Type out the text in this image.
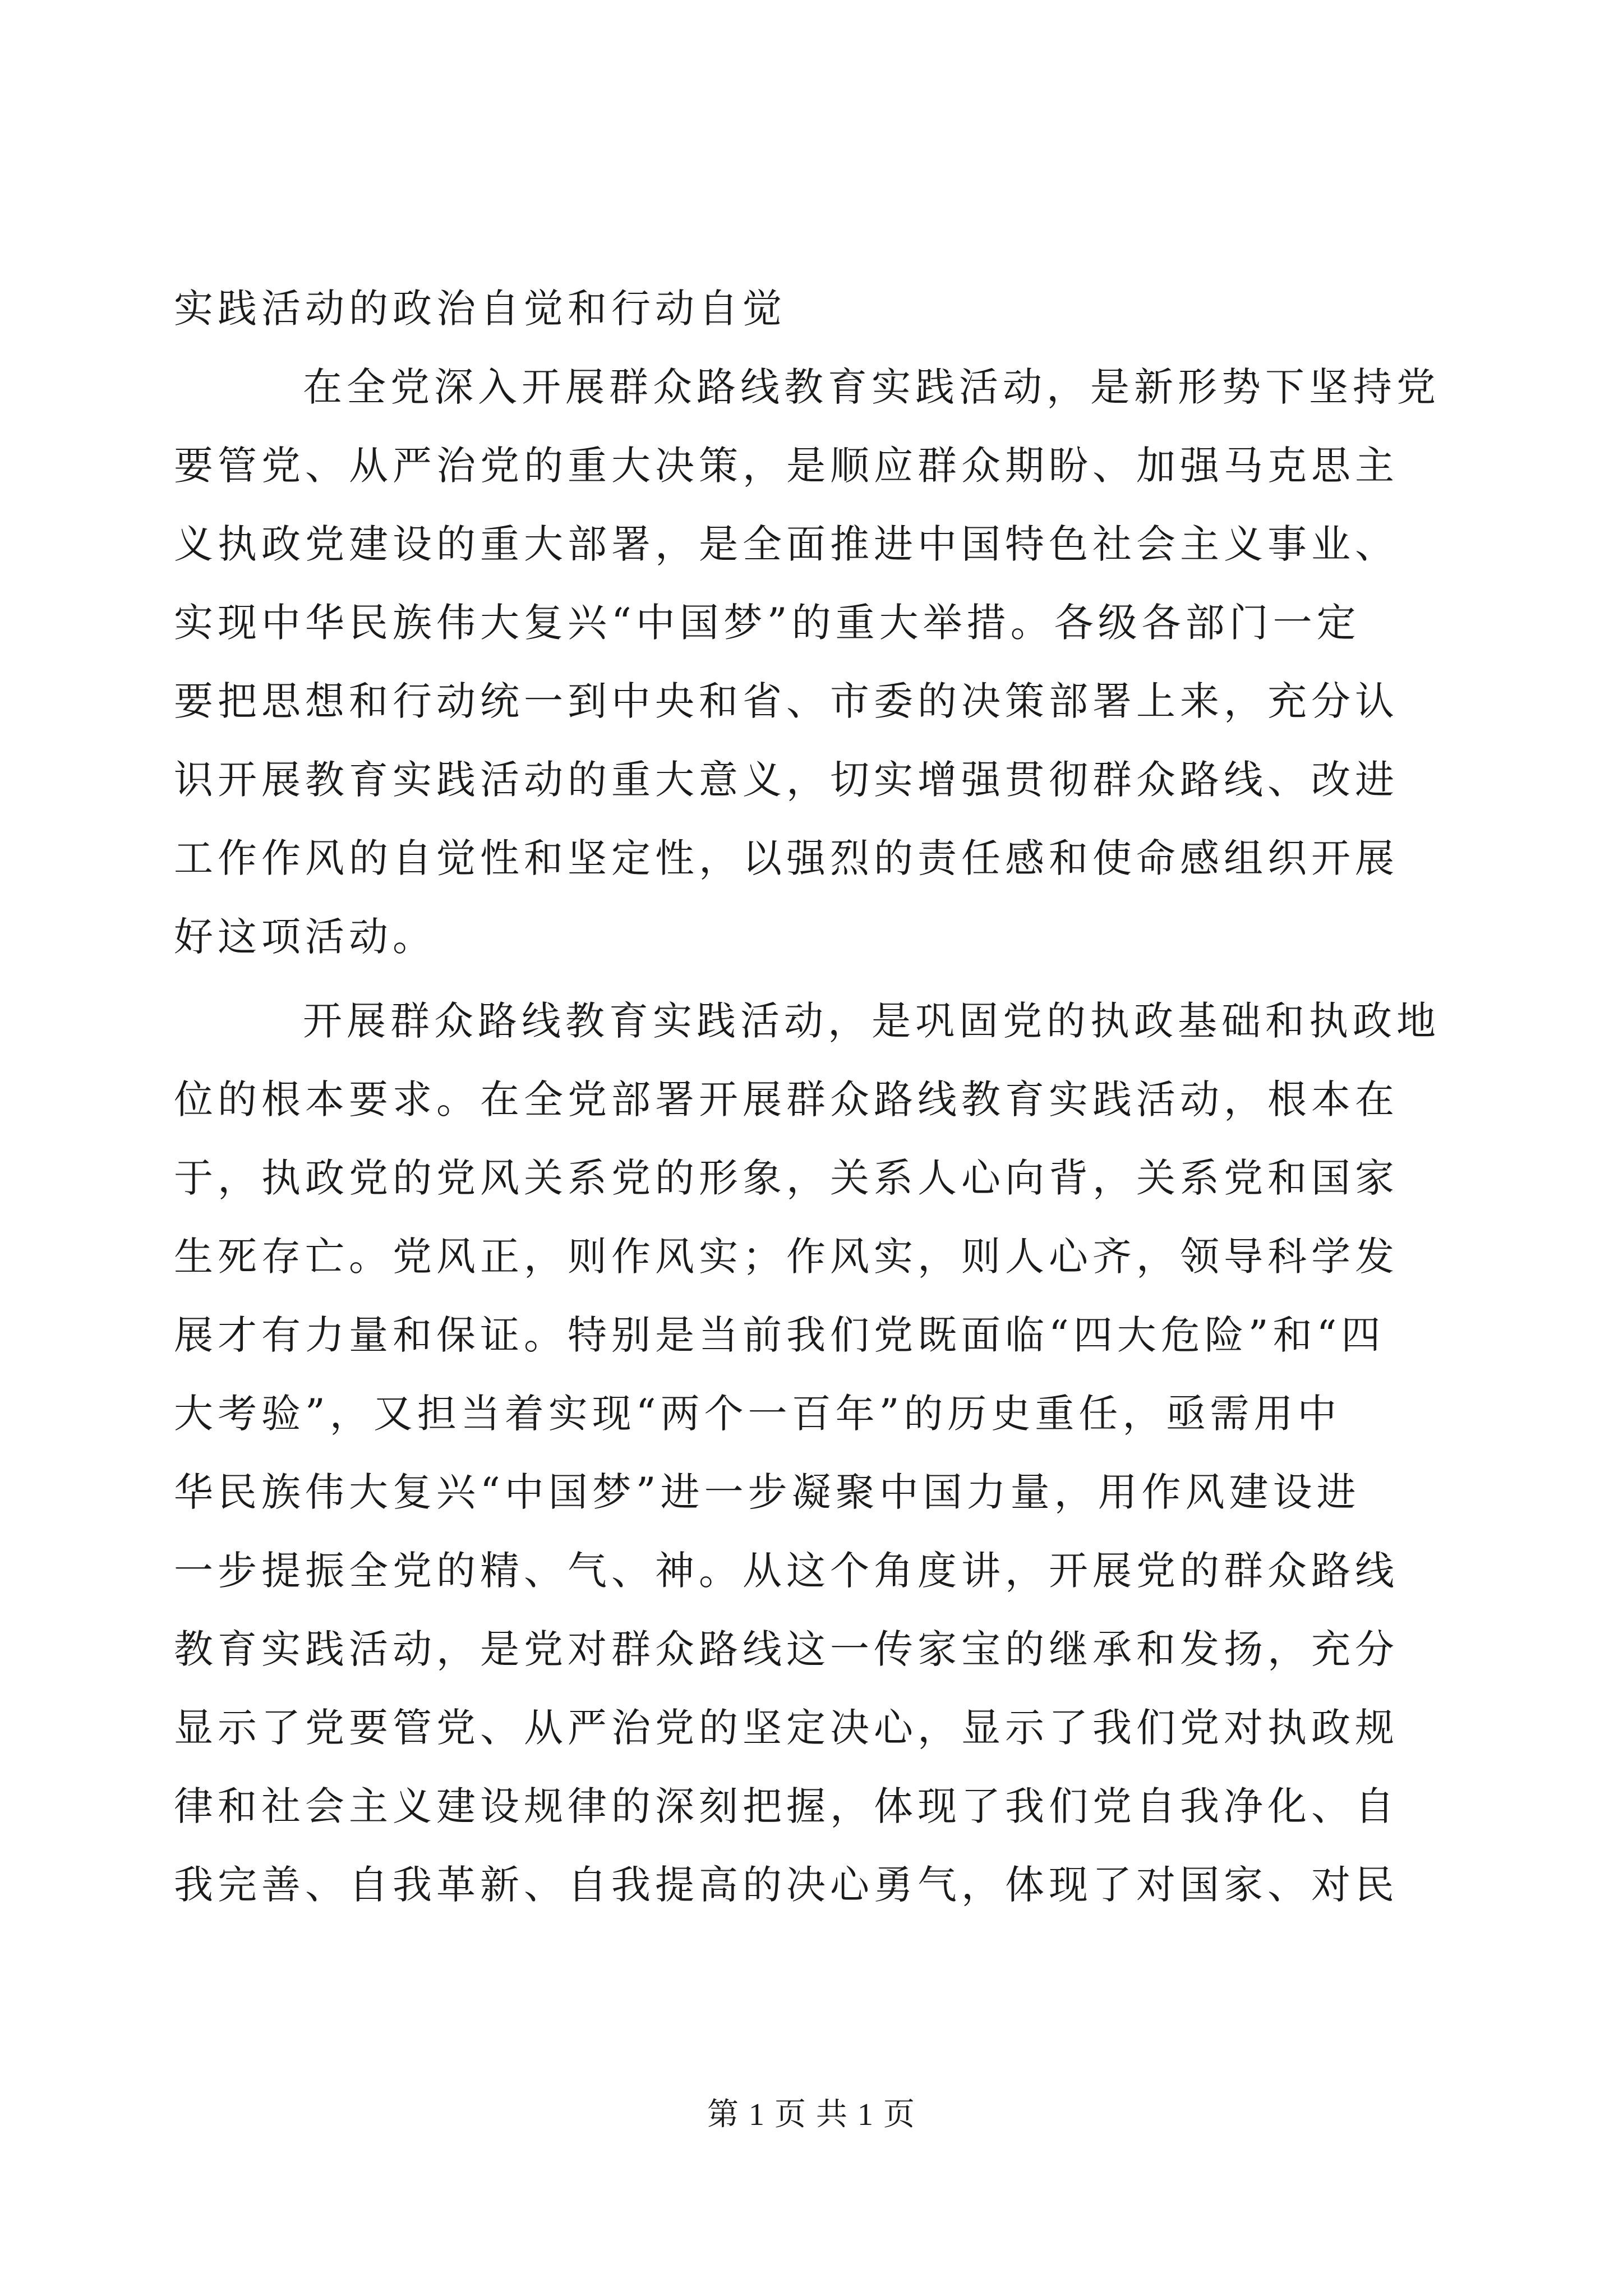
实践活动的政治自觉和行动自觉
在全党深入开展群众路线教育实践活动，是新形势下坚持党
要管党、从严治党的重大决策，是顺应群众期盼、加强马克思主
义执政党建设的重大部署，是全面推进中国特色社会主义事业、
实现中华民族伟大复兴“中国梦”的重大举措。各级各部门一定
要把思想和行动统一到中央和省、市委的决策部署上来，充分认
识开展教育实践活动的重大意义，切实增强贯彻群众路线、改进
工作作风的自觉性和坚定性，以强烈的责任感和使命感组织开展
好这项活动。
开展群众路线教育实践活动，是巩固党的执政基础和执政地
位的根本要求。在全党部署开展群众路线教育实践活动，根本在
于，执政党的党风关系党的形象，关系人心向背，关系党和国家
生死存亡。党风正，则作风实；作风实，则人心齐，领导科学发
展才有力量和保证。特别是当前我们党既面临“四大危险”和“四
大考验”，又担当着实现“两个一百年”的历史重任，亟需用中
华民族伟大复兴“中国梦”进一步凝聚中国力量，用作风建设进
一步提振全党的精、气、神。从这个角度讲，开展党的群众路线
教育实践活动，是党对群众路线这一传家宝的继承和发扬，充分
显示了党要管党、从严治党的坚定决心，显示了我们党对执政规
律和社会主义建设规律的深刻把握，体现了我们党自我净化、自
我完善、自我革新、自我提高的决心勇气，体现了对国家、对民
第 1 页 共 1 页
